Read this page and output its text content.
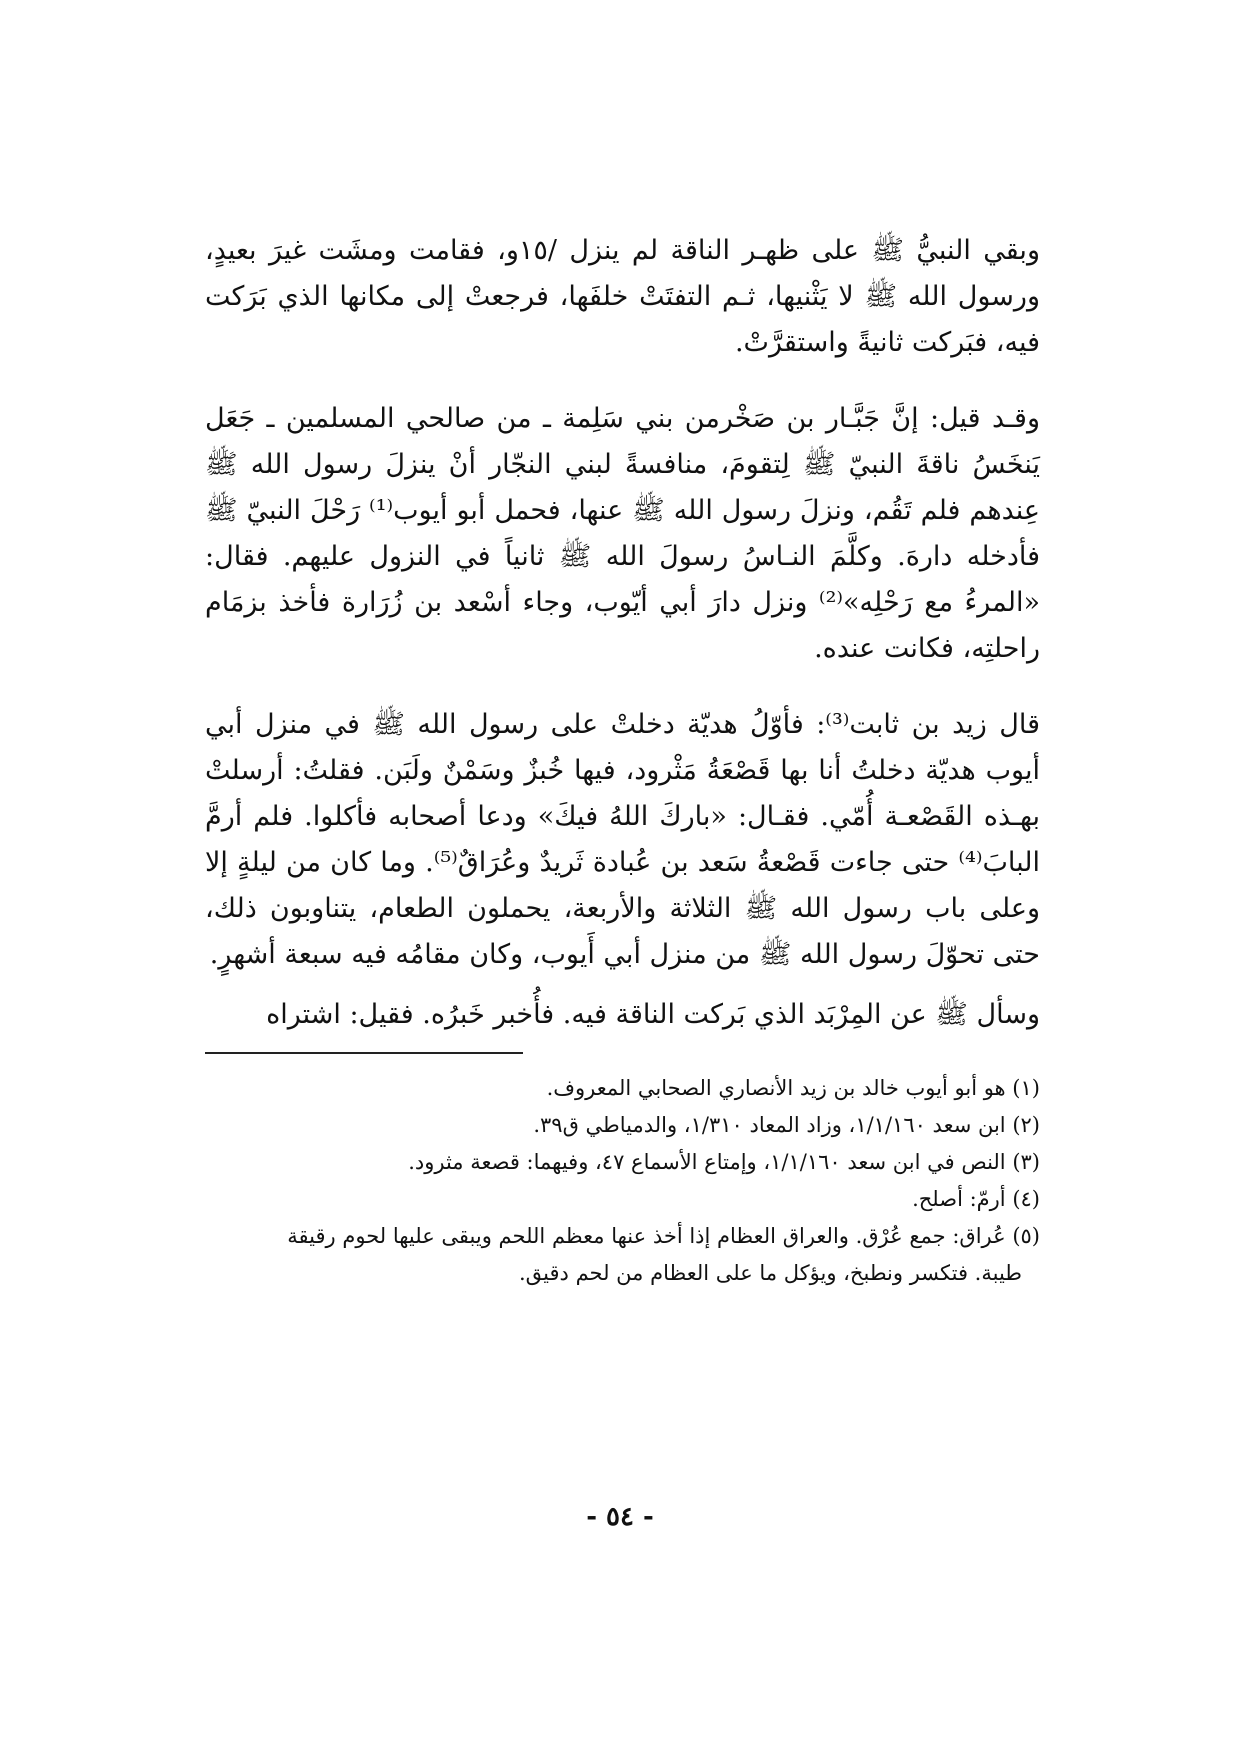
وبقي النبيُّ ﷺ على ظهـر الناقة لم ينزل /١٥و، فقامت ومشَت غيرَ بعيدٍ، ورسول الله ﷺ لا يَثْنيها، ثـم التفتَتْ خلفَها، فرجعتْ إلى مكانها الذي بَرَكت فيه، فبَركت ثانيةً واستقرَّتْ.

وقـد قيل: إنَّ جَبَّـار بن صَخْرمن بني سَلِمة ـ من صالحي المسلمين ـ جَعَل يَنخَسُ ناقةَ النبيّ ﷺ لِتقومَ، منافسةً لبني النجّار أنْ ينزلَ رسول الله ﷺ عِندهم فلم تَقُم، ونزلَ رسول الله ﷺ عنها، فحمل أبو أيوب⁽¹⁾ رَحْلَ النبيّ ﷺ فأدخله دارهَ. وكلَّمَ النـاسُ رسولَ الله ﷺ ثانياً في النزول عليهم. فقال: «المرءُ مع رَحْلِه»⁽²⁾ ونزل دارَ أبي أيّوب، وجاء أسْعد بن زُرَارة فأخذ بزمَام راحلتِه، فكانت عنده.

قال زيد بن ثابت⁽³⁾: فأوّلُ هديّة دخلتْ على رسول الله ﷺ في منزل أبي أيوب هديّة دخلتُ أنا بها قَصْعَةُ مَثْرود، فيها خُبزٌ وسَمْنٌ ولَبَن. فقلتُ: أرسلتْ بهـذه القَصْعـة أُمّي. فقـال: «باركَ اللهُ فيكَ» ودعا أصحابه فأكلوا. فلم أرمَّ البابَ⁽⁴⁾ حتى جاءت قَصْعةُ سَعد بن عُبادة ثَريدٌ وعُرَاقٌ⁽⁵⁾. وما كان من ليلةٍ إلا وعلى باب رسول الله ﷺ الثلاثة والأربعة، يحملون الطعام، يتناوبون ذلك، حتى تحوّلَ رسول الله ﷺ من منزل أبي أَيوب، وكان مقامُه فيه سبعة أشهرٍ.

وسأل ﷺ عن المِرْبَد الذي بَركت الناقة فيه. فأُخبر خَبرُه. فقيل: اشتراه

(١) هو أبو أيوب خالد بن زيد الأنصاري الصحابي المعروف.

(٢) ابن سعد ١/١/١٦٠، وزاد المعاد ١/٣١٠، والدمياطي ق٣٩.

(٣) النص في ابن سعد ١/١/١٦٠، وإمتاع الأسماع ٤٧، وفيهما: قصعة مثرود.

(٤) أرمّ: أصلح.

(٥) عُراق: جمع عُرْق. والعراق العظام إذا أخذ عنها معظم اللحم ويبقى عليها لحوم رقيقة

طيبة. فتكسر ونطبخ، ويؤكل ما على العظام من لحم دقيق.

- ٥٤ -
